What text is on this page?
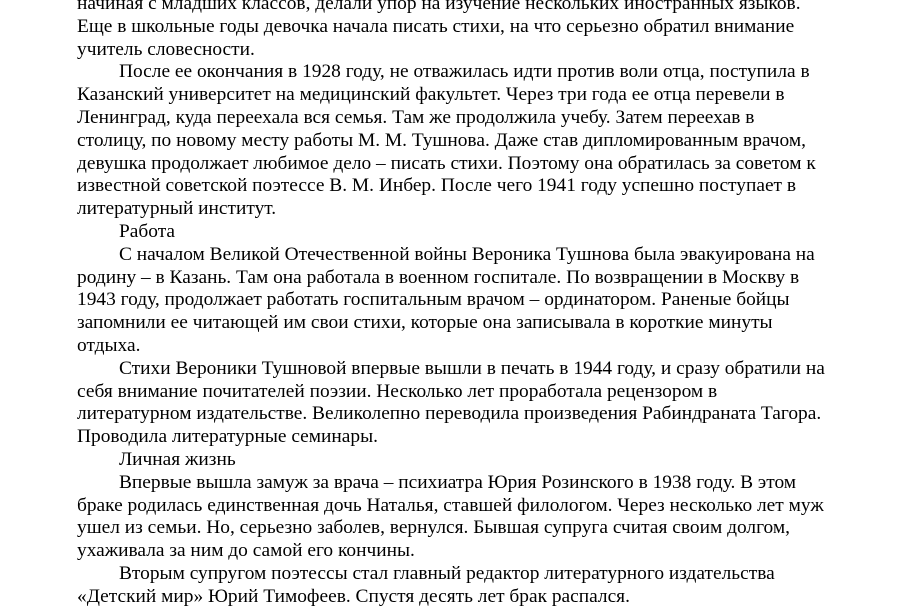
начиная с младших классов, делали упор на изучение нескольких иностранных языков.
Еще в школьные годы девочка начала писать стихи, на что серьезно обратил внимание
учитель словесности.
После ее окончания в 1928 году, не отважилась идти против воли отца, поступила в
Казанский университет на медицинский факультет. Через три года ее отца перевели в
Ленинград, куда переехала вся семья. Там же продолжила учебу. Затем переехав в
столицу, по новому месту работы М. М. Тушнова. Даже став дипломированным врачом,
девушка продолжает любимое дело – писать стихи. Поэтому она обратилась за советом к
известной советской поэтессе В. М. Инбер. После чего 1941 году успешно поступает в
литературный институт.
Работа
С началом Великой Отечественной войны Вероника Тушнова была эвакуирована на
родину – в Казань. Там она работала в военном госпитале. По возвращении в Москву в
1943 году, продолжает работать госпитальным врачом – ординатором. Раненые бойцы
запомнили ее читающей им свои стихи, которые она записывала в короткие минуты
отдыха.
Стихи Вероники Тушновой впервые вышли в печать в 1944 году, и сразу обратили на
себя внимание почитателей поэзии. Несколько лет проработала рецензором в
литературном издательстве. Великолепно переводила произведения Рабиндраната Тагора.
Проводила литературные семинары.
Личная жизнь
Впервые вышла замуж за врача – психиатра Юрия Розинского в 1938 году. В этом
браке родилась единственная дочь Наталья, ставшей филологом. Через несколько лет муж
ушел из семьи. Но, серьезно заболев, вернулся. Бывшая супруга считая своим долгом,
ухаживала за ним до самой его кончины.
Вторым супругом поэтессы стал главный редактор литературного издательства
«Детский мир» Юрий Тимофеев. Спустя десять лет брак распался.
